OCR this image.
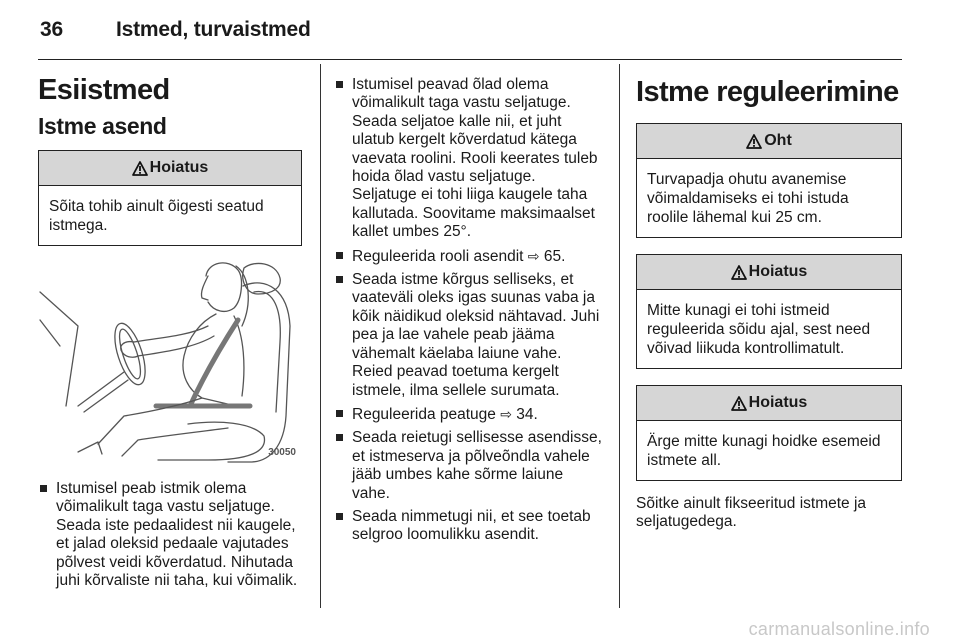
36	Istmed, turvaistmed
Esiistmed
Istme asend
Hoiatus
Sõita tohib ainult õigesti seatud istmega.
30050
Istumisel peab istmik olema võimalikult taga vastu seljatuge. Seada iste pedaalidest nii kaugele, et jalad oleksid pedaale vajutades põlvest veidi kõverdatud. Nihutada juhi kõrvaliste nii taha, kui võimalik.
Istumisel peavad õlad olema võimalikult taga vastu seljatuge. Seada seljatoe kalle nii, et juht ulatub kergelt kõverdatud kätega vaevata roolini. Rooli keerates tuleb hoida õlad vastu seljatuge. Seljatuge ei tohi liiga kaugele taha kallutada. Soovitame maksimaalset kallet umbes 25°.
Reguleerida rooli asendit ⇨ 65.
Seada istme kõrgus selliseks, et vaateväli oleks igas suunas vaba ja kõik näidikud oleksid nähtavad. Juhi pea ja lae vahele peab jääma vähemalt käelaba laiune vahe. Reied peavad toetuma kergelt istmele, ilma sellele surumata.
Reguleerida peatuge ⇨ 34.
Seada reietugi sellisesse asendisse, et istmeserva ja põlveõndla vahele jääb umbes kahe sõrme laiune vahe.
Seada nimmetugi nii, et see toetab selgroo loomulikku asendit.
Istme reguleerimine
Oht
Turvapadja ohutu avanemise võimaldamiseks ei tohi istuda roolile lähemal kui 25 cm.
Hoiatus
Mitte kunagi ei tohi istmeid reguleerida sõidu ajal, sest need võivad liikuda kontrollimatult.
Hoiatus
Ärge mitte kunagi hoidke esemeid istmete all.
Sõitke ainult fikseeritud istmete ja seljatugedega.
carmanualsonline.info
